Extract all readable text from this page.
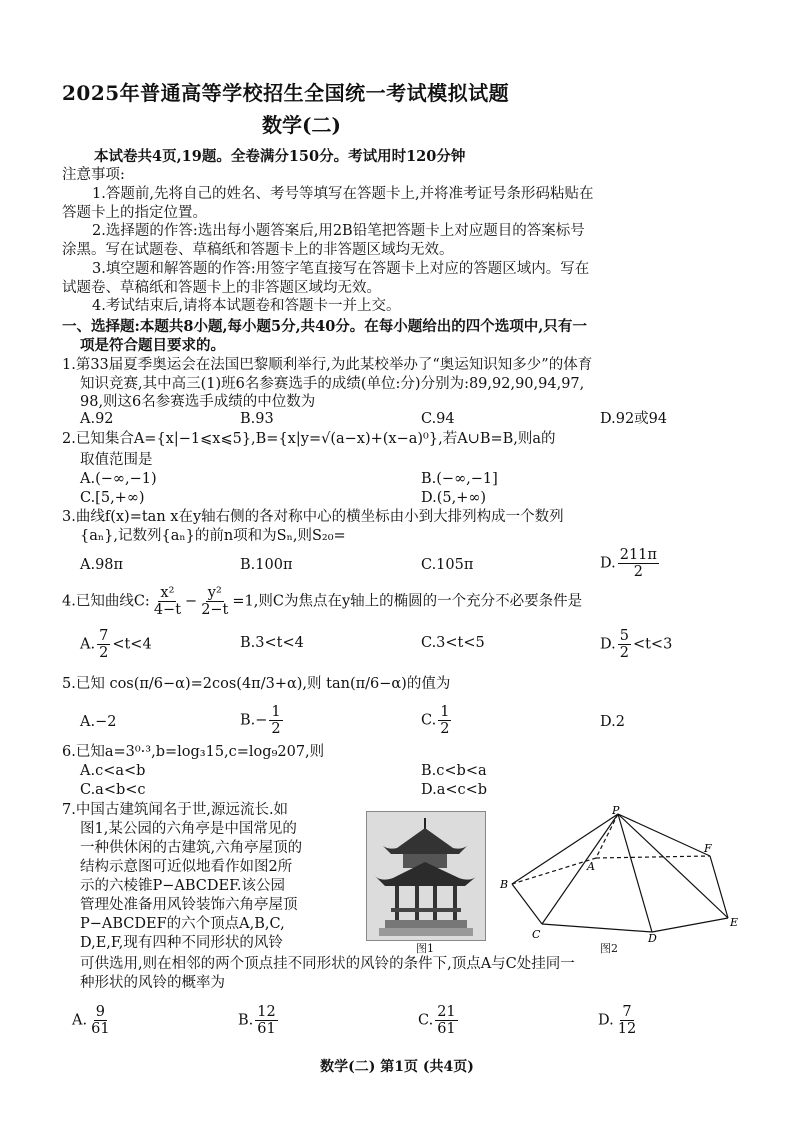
2025年普通高等学校招生全国统一考试模拟试题
数学(二)
本试卷共4页,19题。全卷满分150分。考试用时120分钟
注意事项:
1.答题前,先将自己的姓名、考号等填写在答题卡上,并将准考证号条形码粘贴在
答题卡上的指定位置。
2.选择题的作答:选出每小题答案后,用2B铅笔把答题卡上对应题目的答案标号
涂黑。写在试题卷、草稿纸和答题卡上的非答题区域均无效。
3.填空题和解答题的作答:用签字笔直接写在答题卡上对应的答题区域内。写在
试题卷、草稿纸和答题卡上的非答题区域均无效。
4.考试结束后,请将本试题卷和答题卡一并上交。
一、选择题:本题共8小题,每小题5分,共40分。在每小题给出的四个选项中,只有一
项是符合题目要求的。
1.第33届夏季奥运会在法国巴黎顺利举行,为此某校举办了“奥运知识知多少”的体育
知识竞赛,其中高三(1)班6名参赛选手的成绩(单位:分)分别为:89,92,90,94,97,
98,则这6名参赛选手成绩的中位数为
A.92	B.93	C.94	D.92或94
2.已知集合A={x|−1⩽x⩽5},B={x|y=√(a−x)+(x−a)⁰},若A∪B=B,则a的
取值范围是
A.(−∞,−1)	B.(−∞,−1]
C.[5,+∞)	D.(5,+∞)
3.曲线f(x)=tan x在y轴右侧的各对称中心的横坐标由小到大排列构成一个数列
{aₙ},记数列{aₙ}的前n项和为Sₙ,则S₂₀=
A.98π	B.100π	C.105π	D. $\frac{211\pi}{2}$
4.已知曲线C: $\frac{\text{x²}}{4-t} - \frac{\text{y²}}{2-t} =1$,则C为焦点在y轴上的椭圆的一个充分不必要条件是
A. $\frac{7}{2} <t<4$	B.3<t<4	C.3<t<5	D. $\frac{5}{2} <t<3$
5.已知 cos(π/6−α)=2cos(4π/3+α),则 tan(π/6−α)的值为
A.−2	$B.- \frac{1}{2}$	C. $\frac{1}{2}$	D.2
6.已知a=3⁰·³,b=log₃15,c=log₉207,则
A.c<a<b	B.c<b<a
C.a<b<c	D.a<c<b
7.中国古建筑闻名于世,源远流长.如
图1,某公园的六角亭是中国常见的
一种供休闲的古建筑,六角亭屋顶的
结构示意图可近似地看作如图2所
示的六棱锥P−ABCDEF.该公园
管理处准备用风铃装饰六角亭屋顶
P−ABCDEF的六个顶点A,B,C,
D,E,F,现有四种不同形状的风铃
可供选用,则在相邻的两个顶点挂不同形状的风铃的条件下,顶点A与C处挂同一
种形状的风铃的概率为
图1
P
A
B
C	D
E
F
图2
A. $\frac{9}{61}$	B. $\frac{12}{61}$	C. $\frac{21}{61}$	D. $\frac{7}{12}$
数学(二) 第1页 (共4页)
